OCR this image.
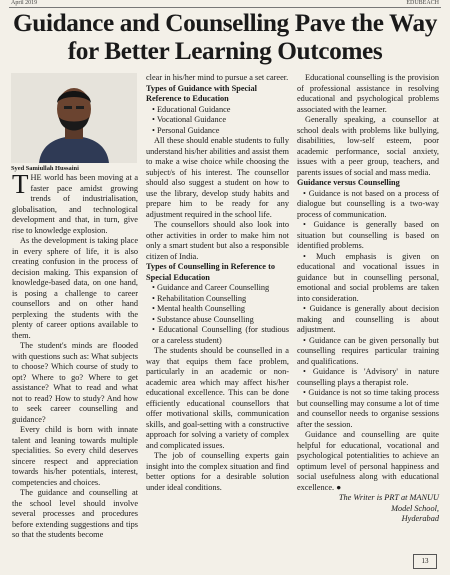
April 2019	EDUBEACH
Guidance and Counselling Pave the Way for Better Learning Outcomes
Syed Samiullah Hussaini

THE world has been moving at a faster pace amidst growing trends of industrialisation, globalisation, and technological development and that, in turn, give rise to knowledge explosion.

As the development is taking place in every sphere of life, it is also creating confusion in the process of decision making. This expansion of knowledge-based data, on one hand, is posing a challenge to career counsellors and on other hand perplexing the students with the plenty of career options available to them.

The student's minds are flooded with questions such as: What subjects to choose? Which course of study to opt? Where to go? Where to get assistance? What to read and what not to read? How to study? And how to seek career counselling and guidance?

Every child is born with innate talent and leaning towards multiple specialities. So every child deserves sincere respect and appreciation towards his/her potentials, interest, competencies and choices.

The guidance and counselling at the school level should involve several processes and procedures before extending suggestions and tips so that the students become

clear in his/her mind to pursue a set career.

Types of Guidance with Special Reference to Education

• Educational Guidance

• Vocational Guidance

• Personal Guidance

All these should enable students to fully understand his/her abilities and assist them to make a wise choice while choosing the subject/s of his interest. The counsellor should also suggest a student on how to use the library, develop study habits and prepare him to be ready for any adjustment required in the school life.

The counsellors should also look into other activities in order to make him not only a smart student but also a responsible citizen of India.

Types of Counselling in Reference to Special Education

• Guidance and Career Counselling

• Rehabilitation Counselling

• Mental health Counselling

• Substance abuse Counselling

• Educational Counselling (for studious or a careless student)

The students should be counselled in a way that equips them face problem, particularly in an academic or non-academic area which may affect his/her educational excellence. This can be done efficiently educational counsellors that offer motivational skills, communication skills, and goal-setting with a constructive approach for solving a variety of complex and complicated issues.

The job of counselling experts gain insight into the complex situation and find better options for a desirable solution under ideal conditions.

Educational counselling is the provision of professional assistance in resolving educational and psychological problems associated with the learner.

Generally speaking, a counsellor at school deals with problems like bullying, disabilities, low-self esteem, poor academic performance, social anxiety, issues with a peer group, teachers, and parents issues of social and mass media.

Guidance versus Counselling

• Guidance is not based on a process of dialogue but counselling is a two-way process of communication.

• Guidance is generally based on situation but counselling is based on identified problems.

• Much emphasis is given on educational and vocational issues in guidance but in counselling personal, emotional and social problems are taken into consideration.

• Guidance is generally about decision making and counselling is about adjustment.

• Guidance can be given personally but counselling requires particular training and qualifications.

• Guidance is 'Advisory' in nature counselling plays a therapist role.

• Guidance is not so time taking process but counselling may consume a lot of time and counsellor needs to organise sessions after the session.

Guidance and counselling are quite helpful for educational, vocational and psychological potentialities to achieve an optimum level of personal happiness and social usefulness along with educational excellence. ●

The Writer is PRT at MANUU

Model School,

Hyderabad

13
